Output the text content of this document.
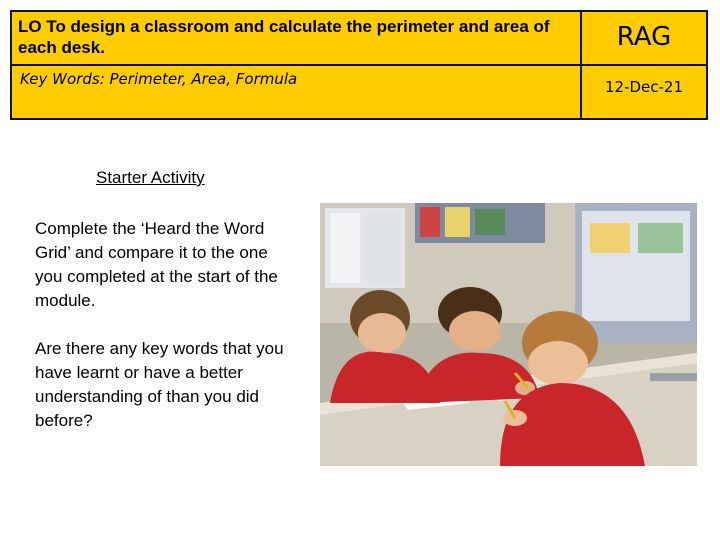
LO To design a classroom and calculate the perimeter and area of each desk.	RAG
Key Words: Perimeter, Area, Formula	12-Dec-21
Starter Activity
Complete the ‘Heard the Word Grid’ and compare it to the one you completed at the start of the module.
Are there any key words that you have learnt or have a better understanding of than you did before?
